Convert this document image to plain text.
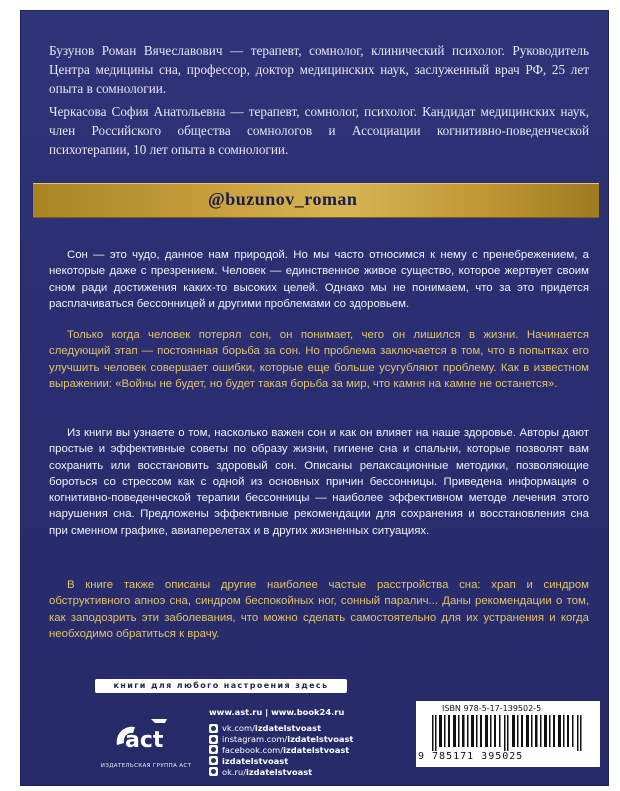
Бузунов Роман Вячеславович — терапевт, сомнолог, клинический психолог. Руководитель Центра медицины сна, профессор, доктор медицинских наук, заслуженный врач РФ, 25 лет опыта в сомнологии.

Черкасова София Анатольевна — терапевт, сомнолог, психолог. Кандидат медицинских наук, член Российского общества сомнологов и Ассоциации когнитивно-поведенческой психотерапии, 10 лет опыта в сомнологии.

@buzunov_roman

Сон — это чудо, данное нам природой. Но мы часто относимся к нему с пренебрежением, а некоторые даже с презрением. Человек — единственное живое существо, которое жертвует своим сном ради достижения каких-то высоких целей. Однако мы не понимаем, что за это придется расплачиваться бессонницей и другими проблемами со здоровьем.

Только когда человек потерял сон, он понимает, чего он лишился в жизни. Начинается следующий этап — постоянная борьба за сон. Но проблема заключается в том, что в попытках его улучшить человек совершает ошибки, которые еще больше усугубляют проблему. Как в известном выражении: «Войны не будет, но будет такая борьба за мир, что камня на камне не останется».

Из книги вы узнаете о том, насколько важен сон и как он влияет на наше здоровье. Авторы дают простые и эффективные советы по образу жизни, гигиене сна и спальни, которые позволят вам сохранить или восстановить здоровый сон. Описаны релаксационные методики, позволяющие бороться со стрессом как с одной из основных причин бессонницы. Приведена информация о когнитивно-поведенческой терапии бессонницы — наиболее эффективном методе лечения этого нарушения сна. Предложены эффективные рекомендации для сохранения и восстановления сна при сменном графике, авиаперелетах и в других жизненных ситуациях.

В книге также описаны другие наиболее частые расстройства сна: храп и синдром обструктивного апноэ сна, синдром беспокойных ног, сонный паралич... Даны рекомендации о том, как заподозрить эти заболевания, что можно сделать самостоятельно для их устранения и когда необходимо обратиться к врачу.

книги для любого настроения здесь
act
ИЗДАТЕЛЬСКАЯ ГРУППА АСТ
www.ast.ru | www.book24.ru
vk.com/ izdatelstvoast
instagram.com/ izdatelstvoast
facebook.com/ izdatelstvoast
izdatelstvoast
ok.ru/ izdatelstvoast
ISBN 978-5-17-139502-5
9 785171 395025
